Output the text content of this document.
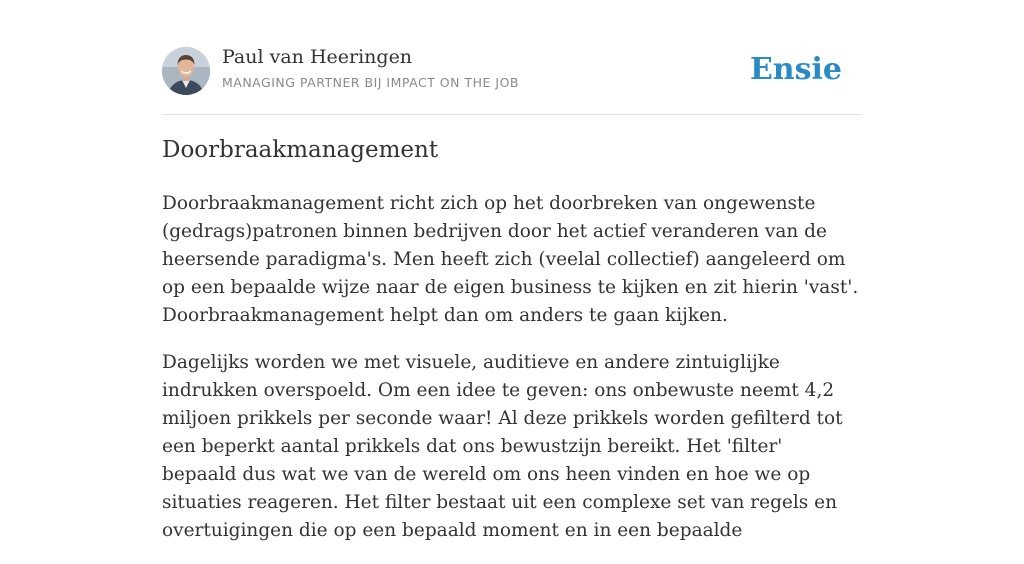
Paul van Heeringen
MANAGING PARTNER BIJ IMPACT ON THE JOB	Ensie
Doorbraakmanagement

Doorbraakmanagement richt zich op het doorbreken van ongewenste (gedrags)patronen binnen bedrijven door het actief veranderen van de heersende paradigma's. Men heeft zich (veelal collectief) aangeleerd om op een bepaalde wijze naar de eigen business te kijken en zit hierin 'vast'. Doorbraakmanagement helpt dan om anders te gaan kijken.

Dagelijks worden we met visuele, auditieve en andere zintuiglijke indrukken overspoeld. Om een idee te geven: ons onbewuste neemt 4,2 miljoen prikkels per seconde waar! Al deze prikkels worden gefilterd tot een beperkt aantal prikkels dat ons bewustzijn bereikt. Het 'filter' bepaald dus wat we van de wereld om ons heen vinden en hoe we op situaties reageren. Het filter bestaat uit een complexe set van regels en overtuigingen die op een bepaald moment en in een bepaalde
